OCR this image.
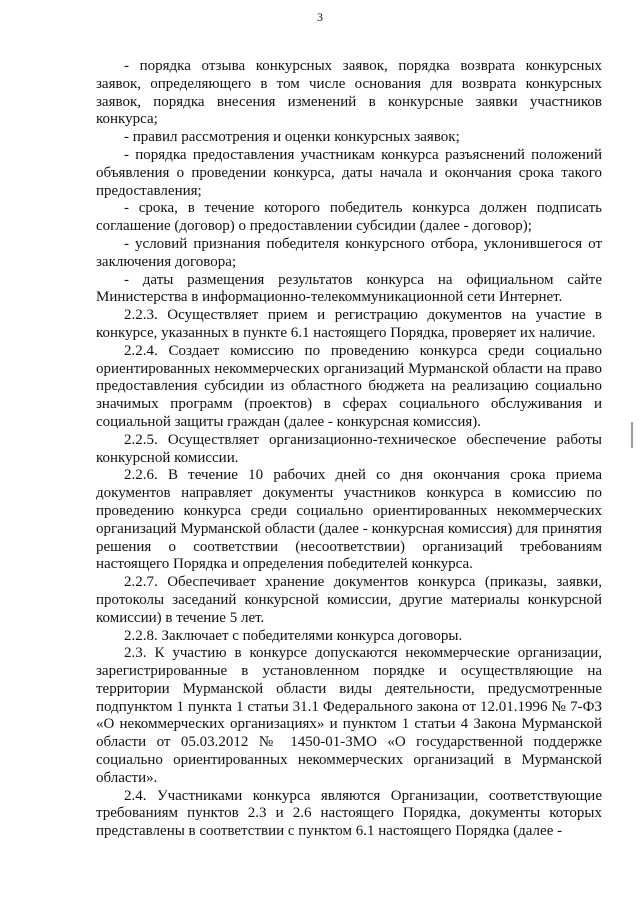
3

- порядка отзыва конкурсных заявок, порядка возврата конкурсных заявок, определяющего в том числе основания для возврата конкурсных заявок, порядка внесения изменений в конкурсные заявки участников конкурса;

- правил рассмотрения и оценки конкурсных заявок;

- порядка предоставления участникам конкурса разъяснений положений объявления о проведении конкурса, даты начала и окончания срока такого предоставления;

- срока, в течение которого победитель конкурса должен подписать соглашение (договор) о предоставлении субсидии (далее - договор);

- условий признания победителя конкурсного отбора, уклонившегося от заключения договора;

- даты размещения результатов конкурса на официальном сайте Министерства в информационно-телекоммуникационной сети Интернет.

2.2.3. Осуществляет прием и регистрацию документов на участие в конкурсе, указанных в пункте 6.1 настоящего Порядка, проверяет их наличие.

2.2.4. Создает комиссию по проведению конкурса среди социально ориентированных некоммерческих организаций Мурманской области на право предоставления субсидии из областного бюджета на реализацию социально значимых программ (проектов) в сферах социального обслуживания и социальной защиты граждан (далее - конкурсная комиссия).

2.2.5. Осуществляет организационно-техническое обеспечение работы конкурсной комиссии.

2.2.6. В течение 10 рабочих дней со дня окончания срока приема документов направляет документы участников конкурса в комиссию по проведению конкурса среди социально ориентированных некоммерческих организаций Мурманской области (далее - конкурсная комиссия) для принятия решения о соответствии (несоответствии) организаций требованиям настоящего Порядка и определения победителей конкурса.

2.2.7. Обеспечивает хранение документов конкурса (приказы, заявки, протоколы заседаний конкурсной комиссии, другие материалы конкурсной комиссии) в течение 5 лет.

2.2.8. Заключает с победителями конкурса договоры.

2.3. К участию в конкурсе допускаются некоммерческие организации, зарегистрированные в установленном порядке и осуществляющие на территории Мурманской области виды деятельности, предусмотренные подпунктом 1 пункта 1 статьи 31.1 Федерального закона от 12.01.1996 № 7-ФЗ «О некоммерческих организациях» и пунктом 1 статьи 4 Закона Мурманской области от 05.03.2012 № 1450-01-ЗМО «О государственной поддержке социально ориентированных некоммерческих организаций в Мурманской области».

2.4. Участниками конкурса являются Организации, соответствующие требованиям пунктов 2.3 и 2.6 настоящего Порядка, документы которых представлены в соответствии с пунктом 6.1 настоящего Порядка (далее -
